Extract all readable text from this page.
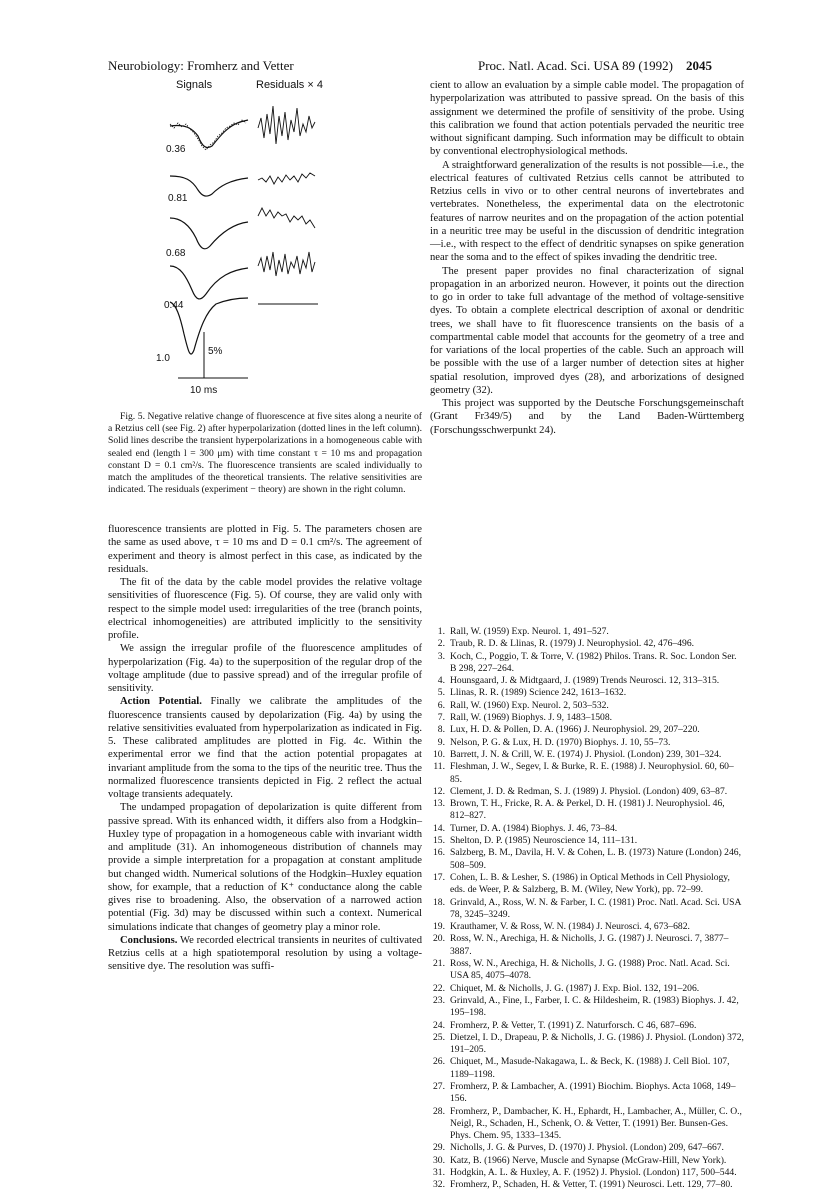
Neurobiology: Fromherz and Vetter	Proc. Natl. Acad. Sci. USA 89 (1992) 2045
Signals	Residuals × 4
0.36
0.81
0.68
0.44
1.0
5%
10 ms

Fig. 5. Negative relative change of fluorescence at five sites along a neurite of a Retzius cell (see Fig. 2) after hyperpolarization (dotted lines in the left column). Solid lines describe the transient hyperpolarizations in a homogeneous cable with sealed end (length l = 300 μm) with time constant τ = 10 ms and propagation constant D = 0.1 cm²/s. The fluorescence transients are scaled individually to match the amplitudes of the theoretical transients. The relative sensitivities are indicated. The residuals (experiment − theory) are shown in the right column.

fluorescence transients are plotted in Fig. 5. The parameters chosen are the same as used above, τ = 10 ms and D = 0.1 cm²/s. The agreement of experiment and theory is almost perfect in this case, as indicated by the residuals.

The fit of the data by the cable model provides the relative voltage sensitivities of fluorescence (Fig. 5). Of course, they are valid only with respect to the simple model used: irregularities of the tree (branch points, electrical inhomogeneities) are attributed implicitly to the sensitivity profile.

We assign the irregular profile of the fluorescence amplitudes of hyperpolarization (Fig. 4a) to the superposition of the regular drop of the voltage amplitude (due to passive spread) and of the irregular profile of sensitivity.

Action Potential. Finally we calibrate the amplitudes of the fluorescence transients caused by depolarization (Fig. 4a) by using the relative sensitivities evaluated from hyperpolarization as indicated in Fig. 5. These calibrated amplitudes are plotted in Fig. 4c. Within the experimental error we find that the action potential propagates at invariant amplitude from the soma to the tips of the neuritic tree. Thus the normalized fluorescence transients depicted in Fig. 2 reflect the actual voltage transients adequately.

The undamped propagation of depolarization is quite different from passive spread. With its enhanced width, it differs also from a Hodgkin–Huxley type of propagation in a homogeneous cable with invariant width and amplitude (31). An inhomogeneous distribution of channels may provide a simple interpretation for a propagation at constant amplitude but changed width. Numerical solutions of the Hodgkin–Huxley equation show, for example, that a reduction of K⁺ conductance along the cable gives rise to broadening. Also, the observation of a narrowed action potential (Fig. 3d) may be discussed within such a context. Numerical simulations indicate that changes of geometry play a minor role.

Conclusions. We recorded electrical transients in neurites of cultivated Retzius cells at a high spatiotemporal resolution by using a voltage-sensitive dye. The resolution was suffi-

cient to allow an evaluation by a simple cable model. The propagation of hyperpolarization was attributed to passive spread. On the basis of this assignment we determined the profile of sensitivity of the probe. Using this calibration we found that action potentials pervaded the neuritic tree without significant damping. Such information may be difficult to obtain by conventional electrophysiological methods.

A straightforward generalization of the results is not possible—i.e., the electrical features of cultivated Retzius cells cannot be attributed to Retzius cells in vivo or to other central neurons of invertebrates and vertebrates. Nonetheless, the experimental data on the electrotonic features of narrow neurites and on the propagation of the action potential in a neuritic tree may be useful in the discussion of dendritic integration—i.e., with respect to the effect of dendritic synapses on spike generation near the soma and to the effect of spikes invading the dendritic tree.

The present paper provides no final characterization of signal propagation in an arborized neuron. However, it points out the direction to go in order to take full advantage of the method of voltage-sensitive dyes. To obtain a complete electrical description of axonal or dendritic trees, we shall have to fit fluorescence transients on the basis of a compartmental cable model that accounts for the geometry of a tree and for variations of the local properties of the cable. Such an approach will be possible with the use of a larger number of detection sites at higher spatial resolution, improved dyes (28), and arborizations of designed geometry (32).

This project was supported by the Deutsche Forschungsgemeinschaft (Grant Fr349/5) and by the Land Baden-Württemberg (Forschungsschwerpunkt 24).

1. Rall, W. (1959) Exp. Neurol. 1, 491–527.
2. Traub, R. D. & Llinas, R. (1979) J. Neurophysiol. 42, 476–496.
3. Koch, C., Poggio, T. & Torre, V. (1982) Philos. Trans. R. Soc. London Ser. B 298, 227–264.
4. Hounsgaard, J. & Midtgaard, J. (1989) Trends Neurosci. 12, 313–315.
5. Llinas, R. R. (1989) Science 242, 1613–1632.
6. Rall, W. (1960) Exp. Neurol. 2, 503–532.
7. Rall, W. (1969) Biophys. J. 9, 1483–1508.
8. Lux, H. D. & Pollen, D. A. (1966) J. Neurophysiol. 29, 207–220.
9. Nelson, P. G. & Lux, H. D. (1970) Biophys. J. 10, 55–73.
10. Barrett, J. N. & Crill, W. E. (1974) J. Physiol. (London) 239, 301–324.
11. Fleshman, J. W., Segev, I. & Burke, R. E. (1988) J. Neurophysiol. 60, 60–85.
12. Clement, J. D. & Redman, S. J. (1989) J. Physiol. (London) 409, 63–87.
13. Brown, T. H., Fricke, R. A. & Perkel, D. H. (1981) J. Neurophysiol. 46, 812–827.
14. Turner, D. A. (1984) Biophys. J. 46, 73–84.
15. Shelton, D. P. (1985) Neuroscience 14, 111–131.
16. Salzberg, B. M., Davila, H. V. & Cohen, L. B. (1973) Nature (London) 246, 508–509.
17. Cohen, L. B. & Lesher, S. (1986) in Optical Methods in Cell Physiology, eds. de Weer, P. & Salzberg, B. M. (Wiley, New York), pp. 72–99.
18. Grinvald, A., Ross, W. N. & Farber, I. C. (1981) Proc. Natl. Acad. Sci. USA 78, 3245–3249.
19. Krauthamer, V. & Ross, W. N. (1984) J. Neurosci. 4, 673–682.
20. Ross, W. N., Arechiga, H. & Nicholls, J. G. (1987) J. Neurosci. 7, 3877–3887.
21. Ross, W. N., Arechiga, H. & Nicholls, J. G. (1988) Proc. Natl. Acad. Sci. USA 85, 4075–4078.
22. Chiquet, M. & Nicholls, J. G. (1987) J. Exp. Biol. 132, 191–206.
23. Grinvald, A., Fine, I., Farber, I. C. & Hildesheim, R. (1983) Biophys. J. 42, 195–198.
24. Fromherz, P. & Vetter, T. (1991) Z. Naturforsch. C 46, 687–696.
25. Dietzel, I. D., Drapeau, P. & Nicholls, J. G. (1986) J. Physiol. (London) 372, 191–205.
26. Chiquet, M., Masude-Nakagawa, L. & Beck, K. (1988) J. Cell Biol. 107, 1189–1198.
27. Fromherz, P. & Lambacher, A. (1991) Biochim. Biophys. Acta 1068, 149–156.
28. Fromherz, P., Dambacher, K. H., Ephardt, H., Lambacher, A., Müller, C. O., Neigl, R., Schaden, H., Schenk, O. & Vetter, T. (1991) Ber. Bunsen-Ges. Phys. Chem. 95, 1333–1345.
29. Nicholls, J. G. & Purves, D. (1970) J. Physiol. (London) 209, 647–667.
30. Katz, B. (1966) Nerve, Muscle and Synapse (McGraw-Hill, New York).
31. Hodgkin, A. L. & Huxley, A. F. (1952) J. Physiol. (London) 117, 500–544.
32. Fromherz, P., Schaden, H. & Vetter, T. (1991) Neurosci. Lett. 129, 77–80.
